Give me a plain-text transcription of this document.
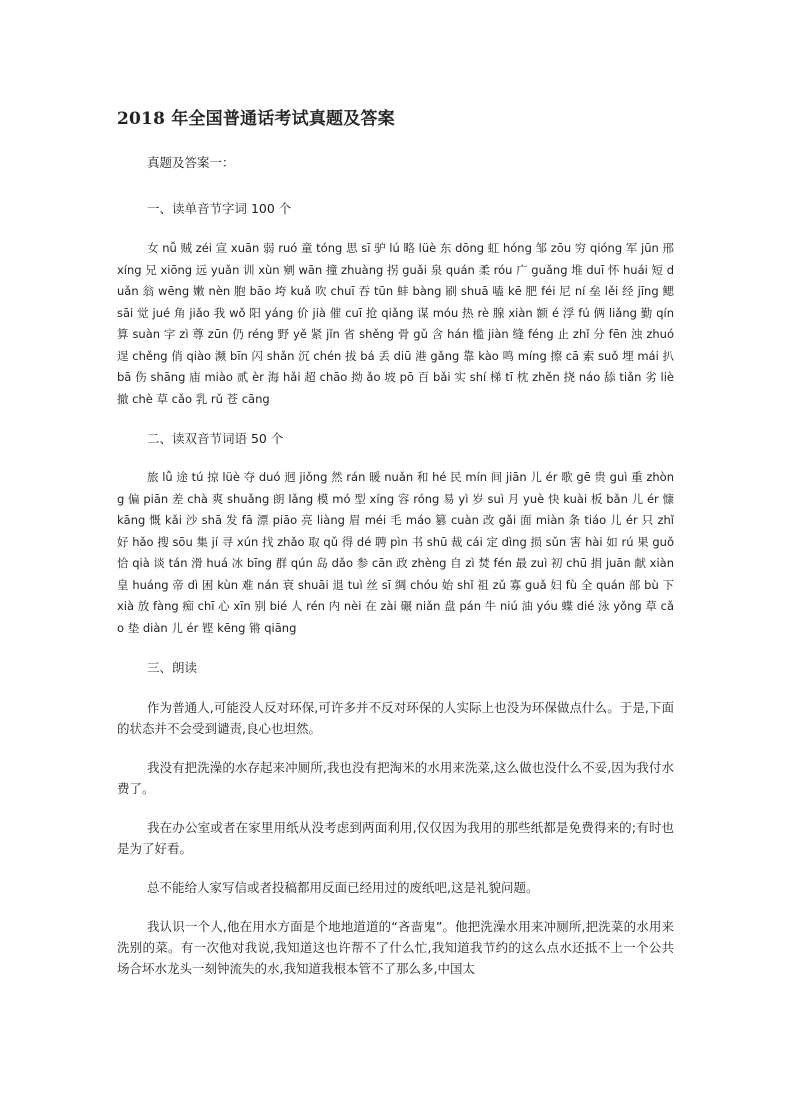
2018 年全国普通话考试真题及答案

真题及答案一：

一、读单音节字词 100 个

女 nǚ 贼 zéi 宣 xuān 弱 ruó 童 tóng 思 sī 驴 lú 略 lüè 东 dōng 虹 hóng 邹 zōu 穷 qióng 军 jūn 邢 xíng 兄 xiōng 远 yuǎn 训 xùn 剜 wān 撞 zhuàng 拐 guǎi 泉 quán 柔 róu 广 guǎng 堆 duī 怀 huái 短 duǎn 翁 wēng 嫩 nèn 胞 bāo 垮 kuǎ 吹 chuī 吞 tūn 蚌 bàng 刷 shuā 嗑 kē 肥 féi 尼 ní 垒 lěi 经 jīng 鳃 sāi 觉 jué 角 jiǎo 我 wǒ 阳 yáng 价 jià 催 cuī 抢 qiǎng 谋 móu 热 rè 腺 xiàn 额 é 浮 fú 俩 liǎng 勤 qín 算 suàn 字 zì 尊 zūn 仍 réng 野 yě 紧 jǐn 省 shěng 骨 gǔ 含 hán 槛 jiàn 缝 féng 止 zhǐ 分 fēn 浊 zhuó 逞 chěng 俏 qiào 濒 bīn 闪 shǎn 沉 chén 拔 bá 丢 diū 港 gǎng 靠 kào 鸣 míng 擦 cā 索 suǒ 埋 mái 扒 bā 伤 shāng 庙 miào 贰 èr 海 hǎi 超 chāo 拗 ǎo 坡 pō 百 bǎi 实 shí 梯 tī 枕 zhěn 挠 náo 舔 tiǎn 劣 liè 撤 chè 草 cǎo 乳 rǔ 苍 cāng

二、读双音节词语 50 个

旅 lǚ 途 tú 掠 lüè 夺 duó 迥 jiǒng 然 rán 暖 nuǎn 和 hé 民 mín 间 jiān 儿 ér 歌 gē 贵 guì 重 zhòng 偏 piān 差 chà 爽 shuǎng 朗 lǎng 模 mó 型 xíng 容 róng 易 yì 岁 suì 月 yuè 快 kuài 板 bǎn 儿 ér 慷 kāng 慨 kǎi 沙 shā 发 fā 漂 piāo 亮 liàng 眉 méi 毛 máo 篡 cuàn 改 gǎi 面 miàn 条 tiáo 儿 ér 只 zhǐ 好 hǎo 搜 sōu 集 jí 寻 xún 找 zhǎo 取 qǔ 得 dé 聘 pìn 书 shū 裁 cái 定 dìng 损 sǔn 害 hài 如 rú 果 guǒ 恰 qià 谈 tán 滑 huá 冰 bīng 群 qún 岛 dǎo 参 cān 政 zhèng 自 zì 焚 fén 最 zuì 初 chū 捐 juān 献 xiàn 皇 huáng 帝 dì 困 kùn 难 nán 衰 shuāi 退 tuì 丝 sī 绸 chóu 始 shǐ 祖 zǔ 寡 guǎ 妇 fù 全 quán 部 bù 下 xià 放 fàng 痴 chī 心 xīn 别 bié 人 rén 内 nèi 在 zài 碾 niǎn 盘 pán 牛 niú 油 yóu 蝶 dié 泳 yǒng 草 cǎo 垫 diàn 儿 ér 铿 kēng 锵 qiāng

三、朗读

作为普通人,可能没人反对环保,可许多并不反对环保的人实际上也没为环保做点什么。于是,下面的状态并不会受到谴责,良心也坦然。

我没有把洗澡的水存起来冲厕所,我也没有把淘米的水用来洗菜,这么做也没什么不妥,因为我付水费了。

我在办公室或者在家里用纸从没考虑到两面利用,仅仅因为我用的那些纸都是免费得来的;有时也是为了好看。

总不能给人家写信或者投稿都用反面已经用过的废纸吧,这是礼貌问题。

我认识一个人,他在用水方面是个地地道道的“吝啬鬼”。他把洗澡水用来冲厕所,把洗菜的水用来洗别的菜。有一次他对我说,我知道这也许帮不了什么忙,我知道我节约的这么点水还抵不上一个公共场合坏水龙头一刻钟流失的水,我知道我根本管不了那么多,中国太
